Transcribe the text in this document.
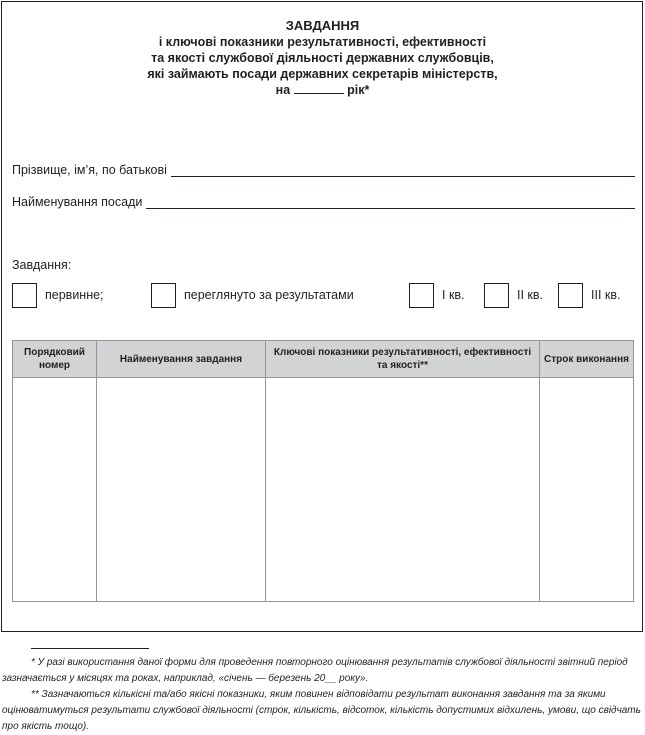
ЗАВДАННЯ
і ключові показники результативності, ефективності
та якості службової діяльності державних службовців,
які займають посади державних секретарів міністерств,
на	рік*
Прізвище, ім’я, по батькові
Найменування посади
Завдання:
первинне;	переглянуто за результатами	I кв.	II кв.	III кв.
Порядковий номер	Найменування завдання	Ключові показники результативності, ефективності та якості**	Строк виконання

* У разі використання даної форми для проведення повторного оцінювання результатів службової діяльності звітний період зазначається у місяцях та роках, наприклад, «січень — березень 20__ року».
** Зазначаються кількісні та/або якісні показники, яким повинен відповідати результат виконання завдання та за якими оцінюватимуться результати службової діяльності (строк, кількість, відсоток, кількість допустимих відхилень, умови, що свідчать про якість тощо).
